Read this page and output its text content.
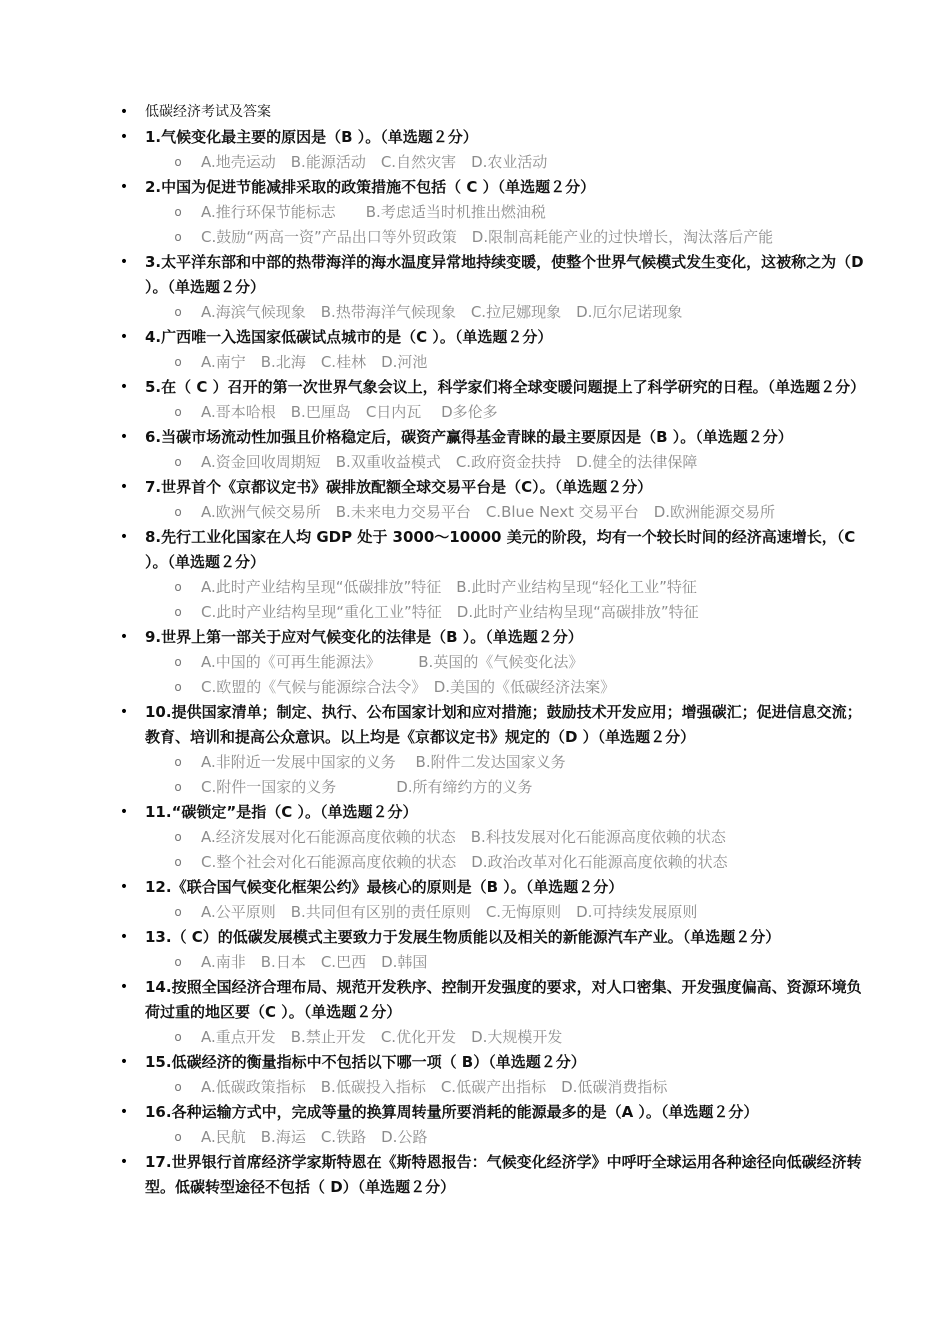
•	低碳经济考试及答案
•	1.气候变化最主要的原因是（B ）。（单选题２分）
o A.地壳运动　B.能源活动　C.自然灾害　D.农业活动
•	2.中国为促进节能减排采取的政策措施不包括（ C ）（单选题２分）
o A.推行环保节能标志　　B.考虑适当时机推出燃油税
o C.鼓励“两高一资”产品出口等外贸政策　D.限制高耗能产业的过快增长，淘汰落后产能
•	3.太平洋东部和中部的热带海洋的海水温度异常地持续变暖，使整个世界气候模式发生变化，这被称之为（D ）。（单选题２分）
o A.海滨气候现象　B.热带海洋气候现象　C.拉尼娜现象　D.厄尔尼诺现象
•	4.广西唯一入选国家低碳试点城市的是（C ）。（单选题２分）
o A.南宁　B.北海　C.桂林　D.河池
•	5.在（ C ）召开的第一次世界气象会议上，科学家们将全球变暖问题提上了科学研究的日程。（单选题２分）
o A.哥本哈根　B.巴厘岛　C日内瓦　 D多伦多
•	6.当碳市场流动性加强且价格稳定后，碳资产赢得基金青睐的最主要原因是（B ）。（单选题２分）
o A.资金回收周期短　B.双重收益模式　C.政府资金扶持　D.健全的法律保障
•	7.世界首个《京都议定书》碳排放配额全球交易平台是（C）。（单选题２分）
o A.欧洲气候交易所　B.未来电力交易平台　C.Blue Next 交易平台　D.欧洲能源交易所
•	8.先行工业化国家在人均 GDP 处于 3000～10000 美元的阶段，均有一个较长时间的经济高速增长，（C ）。（单选题２分）
o A.此时产业结构呈现“低碳排放”特征　B.此时产业结构呈现“轻化工业”特征
o C.此时产业结构呈现“重化工业”特征　D.此时产业结构呈现“高碳排放”特征
•	9.世界上第一部关于应对气候变化的法律是（B ）。（单选题２分）
o A.中国的《可再生能源法》　　　B.英国的《气候变化法》
o C.欧盟的《气候与能源综合法令》　D.美国的《低碳经济法案》
•	10.提供国家清单；制定、执行、公布国家计划和应对措施；鼓励技术开发应用；增强碳汇；促进信息交流；教育、培训和提高公众意识。以上均是《京都议定书》规定的（D ）（单选题２分）
o A.非附近一发展中国家的义务　 B.附件二发达国家义务
o C.附件一国家的义务　　　　D.所有缔约方的义务
•	11.“碳锁定”是指（C ）。（单选题２分）
o A.经济发展对化石能源高度依赖的状态　B.科技发展对化石能源高度依赖的状态
o C.整个社会对化石能源高度依赖的状态　D.政治改革对化石能源高度依赖的状态
•	12.《联合国气候变化框架公约》最核心的原则是（B ）。（单选题２分）
o A.公平原则　B.共同但有区别的责任原则　C.无悔原则　D.可持续发展原则
•	13.（ C）的低碳发展模式主要致力于发展生物质能以及相关的新能源汽车产业。（单选题２分）
o A.南非　B.日本　C.巴西　D.韩国
•	14.按照全国经济合理布局、规范开发秩序、控制开发强度的要求，对人口密集、开发强度偏高、资源环境负荷过重的地区要（C ）。（单选题２分）
o A.重点开发　B.禁止开发　C.优化开发　D.大规模开发
•	15.低碳经济的衡量指标中不包括以下哪一项（ B）（单选题２分）
o A.低碳政策指标　B.低碳投入指标　C.低碳产出指标　D.低碳消费指标
•	16.各种运输方式中，完成等量的换算周转量所要消耗的能源最多的是（A ）。（单选题２分）
o A.民航　B.海运　C.铁路　D.公路
•	17.世界银行首席经济学家斯特恩在《斯特恩报告：气候变化经济学》中呼吁全球运用各种途径向低碳经济转型。低碳转型途径不包括（ D）（单选题２分）
